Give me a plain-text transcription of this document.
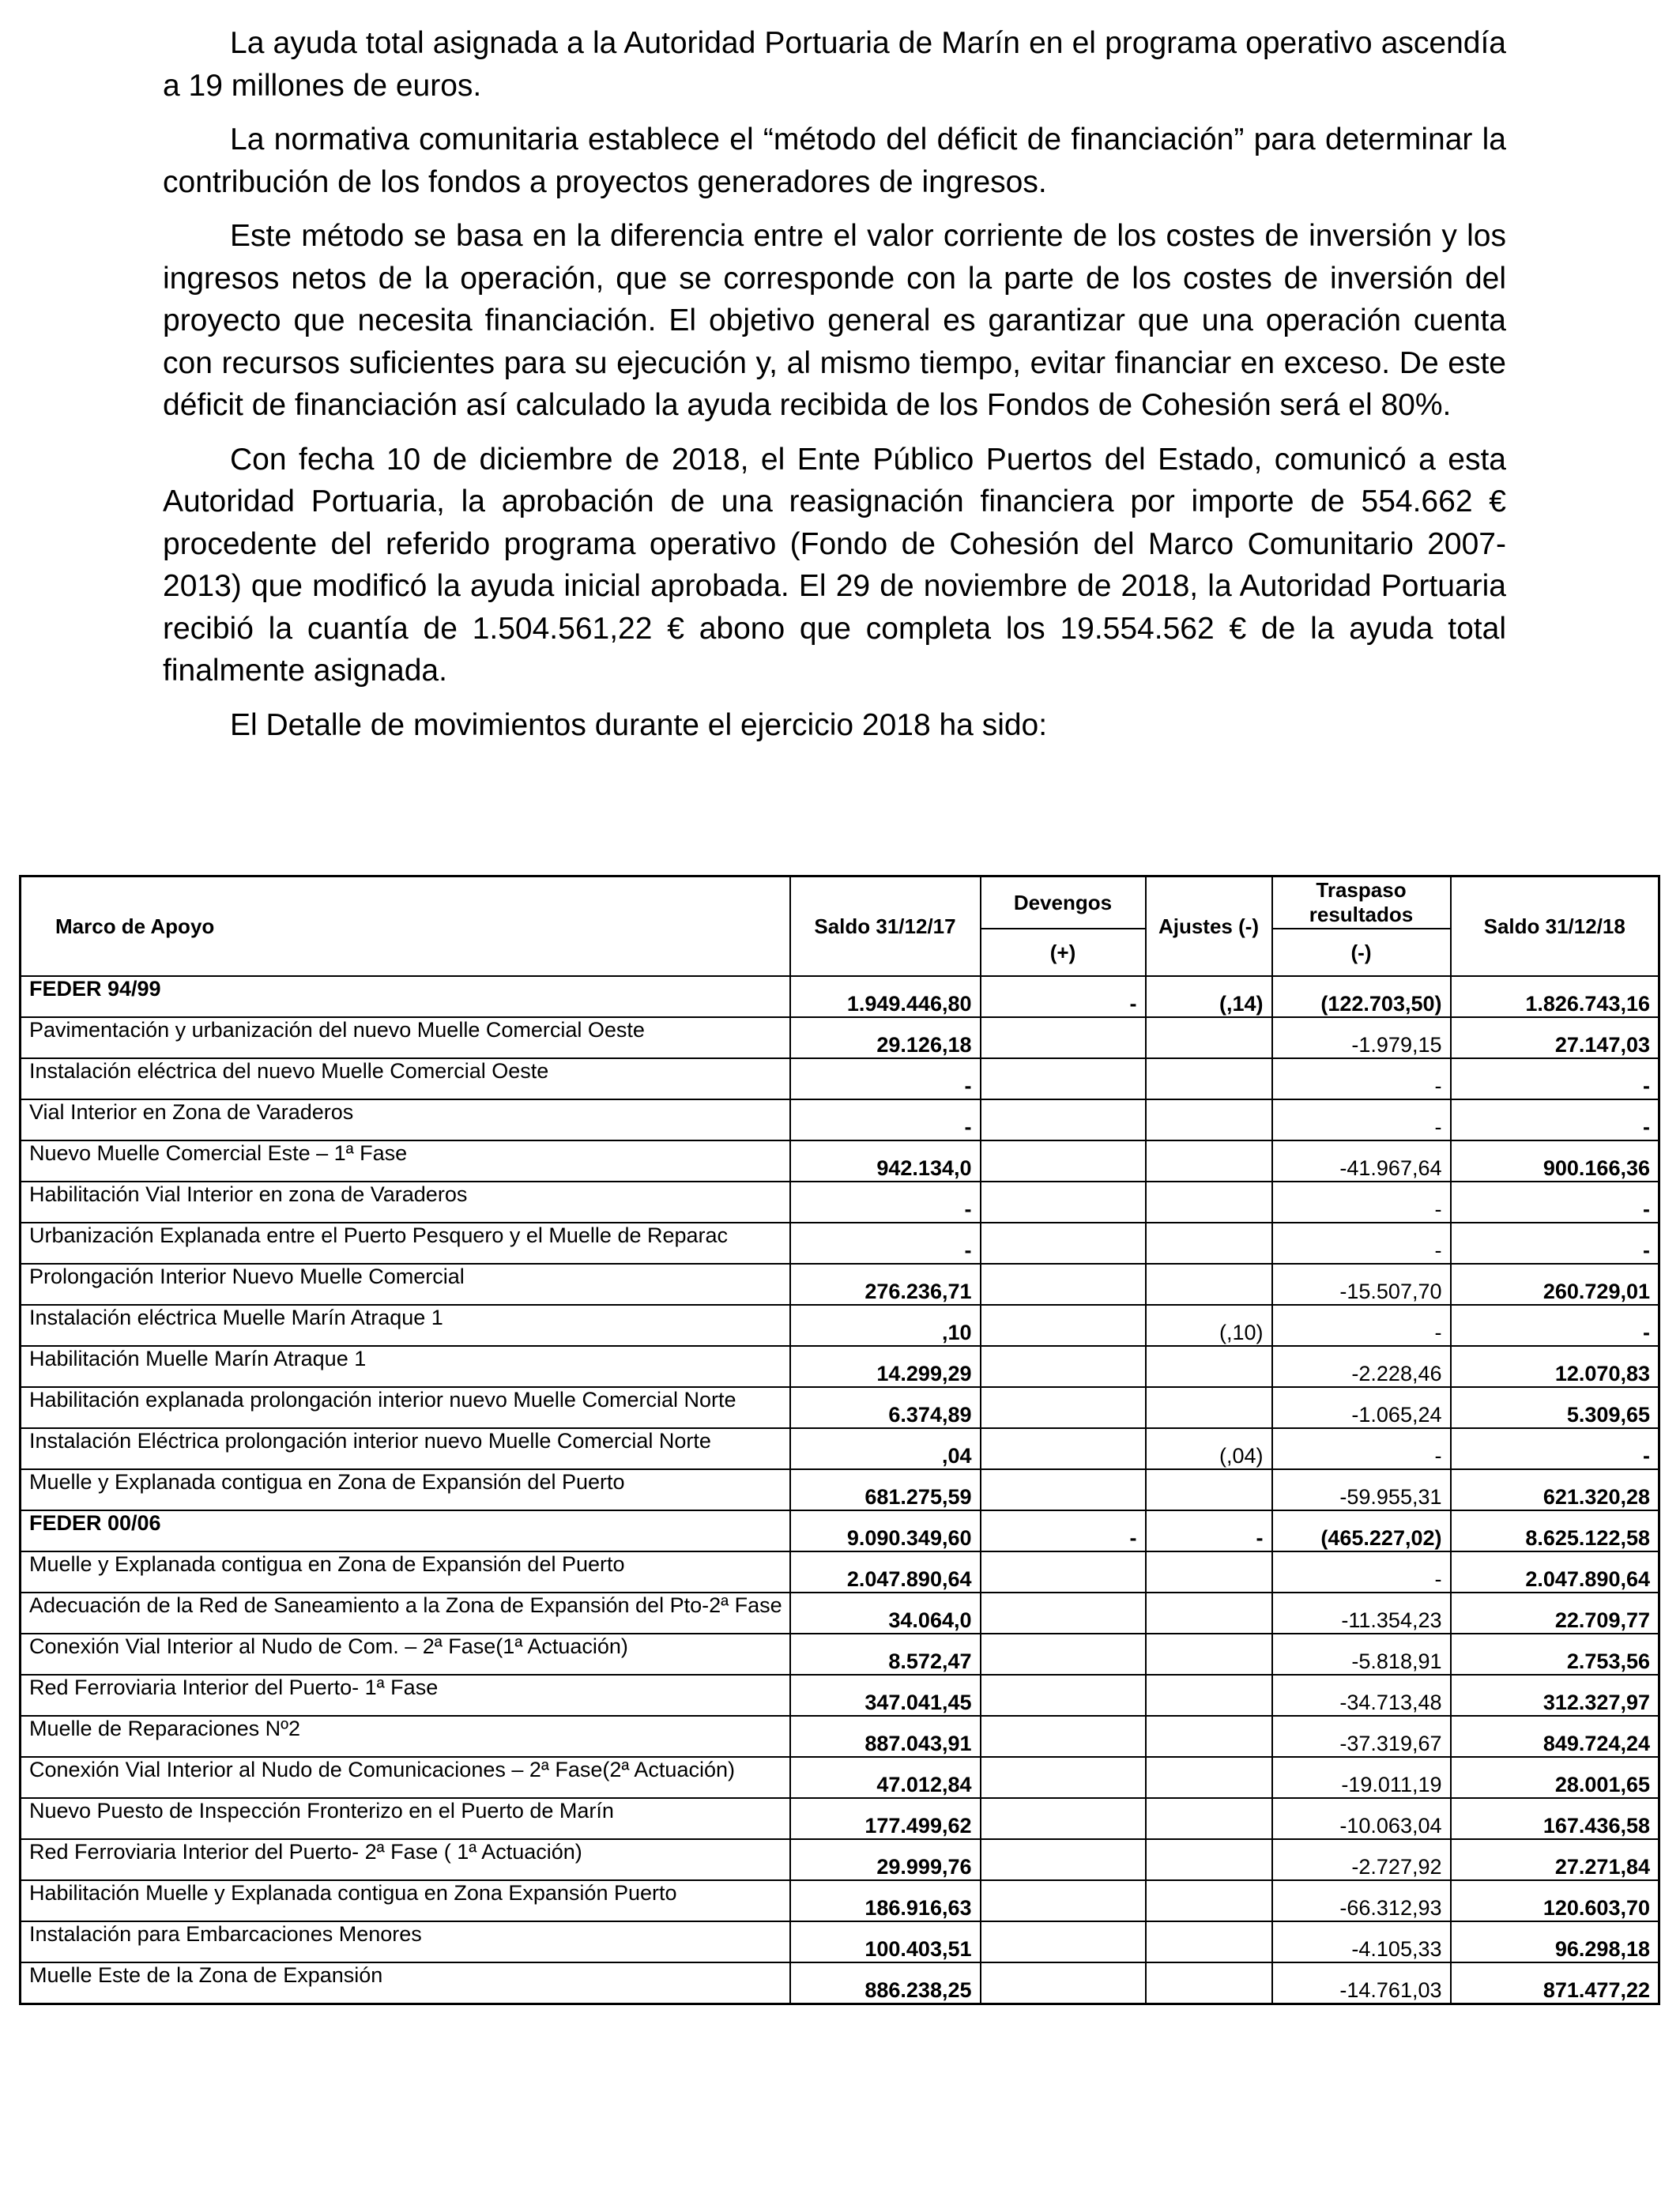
La ayuda total asignada a la Autoridad Portuaria de Marín en el programa operativo ascendía a 19 millones de euros.

La normativa comunitaria establece el “método del déficit de financiación” para determinar la contribución de los fondos a proyectos generadores de ingresos.

Este método se basa en la diferencia entre el valor corriente de los costes de inversión y los ingresos netos de la operación, que se corresponde con la parte de los costes de inversión del proyecto que necesita financiación. El objetivo general es garantizar que una operación cuenta con recursos suficientes para su ejecución y, al mismo tiempo, evitar financiar en exceso. De este déficit de financiación así calculado la ayuda recibida de los Fondos de Cohesión será el 80%.

Con fecha 10 de diciembre de 2018, el Ente Público Puertos del Estado, comunicó a esta Autoridad Portuaria, la aprobación de una reasignación financiera por importe de 554.662 € procedente del referido programa operativo (Fondo de Cohesión del Marco Comunitario 2007-2013) que modificó la ayuda inicial aprobada. El 29 de noviembre de 2018, la Autoridad Portuaria recibió la cuantía de 1.504.561,22 € abono que completa los 19.554.562 € de la ayuda total finalmente asignada.

El Detalle de movimientos durante el ejercicio 2018 ha sido:

Marco de Apoyo	Saldo 31/12/17	Devengos	Ajustes (-)	Traspaso resultados	Saldo 31/12/18
		(+)		(-)	
FEDER 94/99	1.949.446,80	-	(,14)	(122.703,50)	1.826.743,16
Pavimentación y urbanización del nuevo Muelle Comercial Oeste	29.126,18			-1.979,15	27.147,03
Instalación eléctrica del nuevo Muelle Comercial Oeste	-			-	-
Vial Interior en Zona de Varaderos	-			-	-
Nuevo Muelle Comercial Este – 1ª Fase	942.134,0			-41.967,64	900.166,36
Habilitación Vial Interior en zona de Varaderos	-			-	-
Urbanización Explanada entre el Puerto Pesquero y el Muelle de Reparac	-			-	-
Prolongación Interior Nuevo Muelle Comercial	276.236,71			-15.507,70	260.729,01
Instalación eléctrica Muelle Marín Atraque 1	,10		(,10)	-	-
Habilitación Muelle Marín Atraque 1	14.299,29			-2.228,46	12.070,83
Habilitación explanada prolongación interior nuevo Muelle Comercial Norte	6.374,89			-1.065,24	5.309,65
Instalación Eléctrica prolongación interior nuevo Muelle Comercial Norte	,04		(,04)	-	-
Muelle y Explanada contigua en Zona de Expansión del Puerto	681.275,59			-59.955,31	621.320,28
FEDER 00/06	9.090.349,60	-	-	(465.227,02)	8.625.122,58
Muelle y Explanada contigua en Zona de Expansión del Puerto	2.047.890,64			-	2.047.890,64
Adecuación de la Red de Saneamiento a la Zona de Expansión del Pto-2ª Fase	34.064,0			-11.354,23	22.709,77
Conexión Vial Interior al Nudo de Com. – 2ª Fase(1ª Actuación)	8.572,47			-5.818,91	2.753,56
Red Ferroviaria Interior del Puerto- 1ª Fase	347.041,45			-34.713,48	312.327,97
Muelle de Reparaciones Nº2	887.043,91			-37.319,67	849.724,24
Conexión Vial Interior al Nudo de Comunicaciones – 2ª Fase(2ª Actuación)	47.012,84			-19.011,19	28.001,65
Nuevo Puesto de Inspección Fronterizo en el Puerto de Marín	177.499,62			-10.063,04	167.436,58
Red Ferroviaria Interior del Puerto- 2ª Fase ( 1ª Actuación)	29.999,76			-2.727,92	27.271,84
Habilitación Muelle y Explanada contigua en Zona Expansión Puerto	186.916,63			-66.312,93	120.603,70
Instalación para Embarcaciones Menores	100.403,51			-4.105,33	96.298,18
Muelle Este de la Zona de Expansión	886.238,25			-14.761,03	871.477,22
